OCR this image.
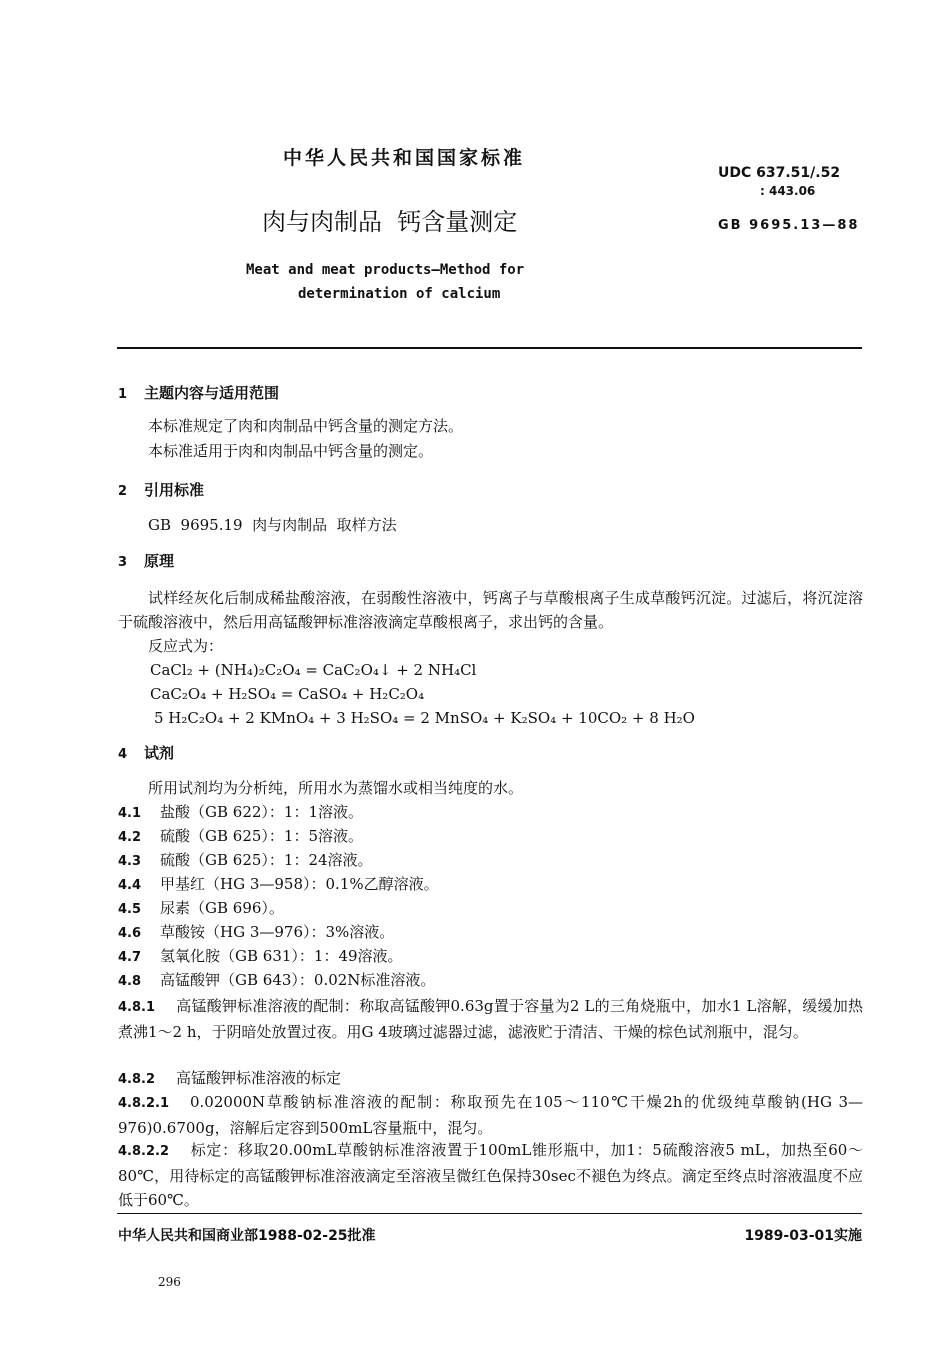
中华人民共和国国家标准
UDC 637.51/.52
: 443.06
肉与肉制品  钙含量测定	GB 9695.13—88
Meat and meat products—Method for
determination of calcium
1 主题内容与适用范围
本标准规定了肉和肉制品中钙含量的测定方法。
本标准适用于肉和肉制品中钙含量的测定。
2 引用标准
GB  9695.19  肉与肉制品  取样方法
3 原理
试样经灰化后制成稀盐酸溶液，在弱酸性溶液中，钙离子与草酸根离子生成草酸钙沉淀。过滤后，将沉淀溶于硫酸溶液中，然后用高锰酸钾标准溶液滴定草酸根离子，求出钙的含量。
反应式为：
CaCl₂ + (NH₄)₂C₂O₄ = CaC₂O₄↓ + 2 NH₄Cl
CaC₂O₄ + H₂SO₄ = CaSO₄ + H₂C₂O₄
5 H₂C₂O₄ + 2 KMnO₄ + 3 H₂SO₄ = 2 MnSO₄ + K₂SO₄ + 10CO₂ + 8 H₂O
4 试剂
所用试剂均为分析纯，所用水为蒸馏水或相当纯度的水。
4.1 盐酸（GB 622）：1：1溶液。
4.2 硫酸（GB 625）：1：5溶液。
4.3 硫酸（GB 625）：1：24溶液。
4.4 甲基红（HG 3—958）：0.1%乙醇溶液。
4.5 尿素（GB 696）。
4.6 草酸铵（HG 3—976）：3%溶液。
4.7 氢氧化胺（GB 631）：1：49溶液。
4.8 高锰酸钾（GB 643）：0.02N标准溶液。
4.8.1 高锰酸钾标准溶液的配制：称取高锰酸钾0.63g置于容量为2 L的三角烧瓶中，加水1 L溶解，缓缓加热煮沸1～2 h，于阴暗处放置过夜。用G 4玻璃过滤器过滤，滤液贮于清洁、干燥的棕色试剂瓶中，混匀。
4.8.2 高锰酸钾标准溶液的标定
4.8.2.1 0.02000N草酸钠标准溶液的配制：称取预先在105～110℃干燥2h的优级纯草酸钠(HG 3—976)0.6700g，溶解后定容到500mL容量瓶中，混匀。
4.8.2.2 标定：移取20.00mL草酸钠标准溶液置于100mL锥形瓶中，加1：5硫酸溶液5 mL，加热至60～80℃，用待标定的高锰酸钾标准溶液滴定至溶液呈微红色保持30sec不褪色为终点。滴定至终点时溶液温度不应低于60℃。
中华人民共和国商业部1988-02-25批准	1989-03-01实施
296
